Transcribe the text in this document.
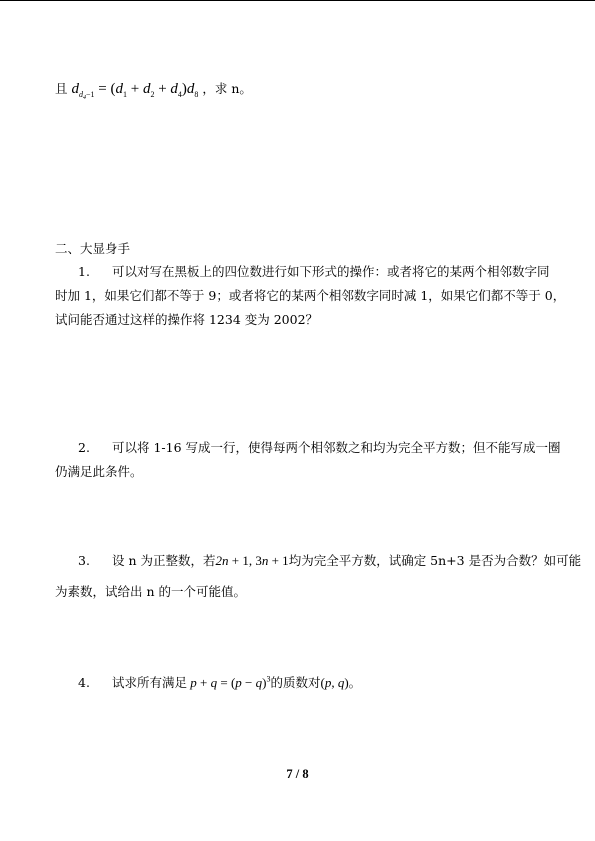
且 $d_{d_4-1} = (d_1 + d_2 + d_4)d_8$ ，求 n。
二、大显身手
1. 可以对写在黑板上的四位数进行如下形式的操作：或者将它的某两个相邻数字同
时加 1，如果它们都不等于 9；或者将它的某两个相邻数字同时减 1，如果它们都不等于 0，
试问能否通过这样的操作将 1234 变为 2002？
2. 可以将 1-16 写成一行，使得每两个相邻数之和均为完全平方数；但不能写成一圈
仍满足此条件。
3. 设 n 为正整数，若2n + 1, 3n + 1均为完全平方数，试确定 5n+3 是否为合数？如可能
为素数，试给出 n 的一个可能值。
4. 试求所有满足 $p + q = (p - q)^3$的质数对(p, q)。
7 / 8
